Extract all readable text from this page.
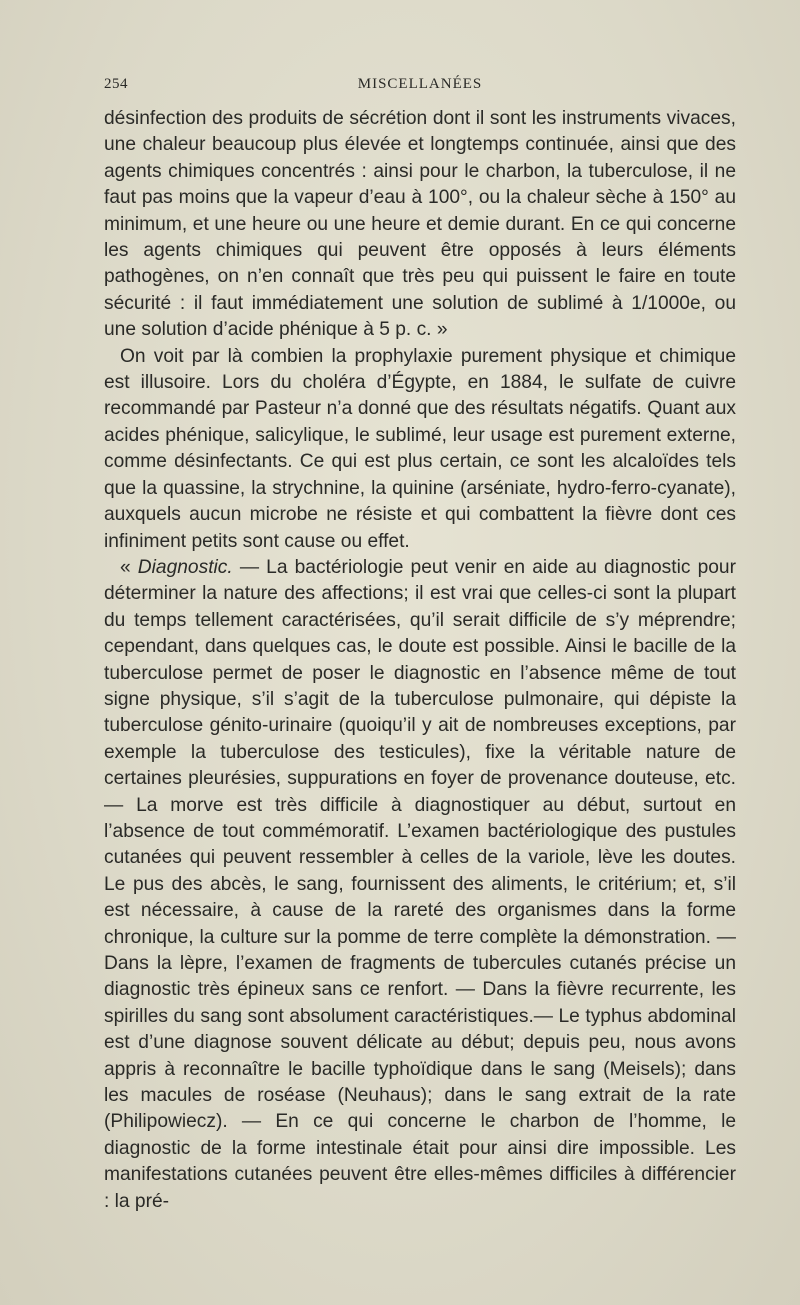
254	MISCELLANÉES

désinfection des produits de sécrétion dont il sont les instruments vivaces, une chaleur beaucoup plus élevée et longtemps continuée, ainsi que des agents chimiques concentrés : ainsi pour le charbon, la tuberculose, il ne faut pas moins que la vapeur d’eau à 100°, ou la chaleur sèche à 150° au minimum, et une heure ou une heure et demie durant. En ce qui concerne les agents chimiques qui peuvent être opposés à leurs éléments pathogènes, on n’en connaît que très peu qui puissent le faire en toute sécurité : il faut immédiatement une solution de sublimé à 1/1000e, ou une solution d’acide phénique à 5 p. c. »

On voit par là combien la prophylaxie purement physique et chimique est illusoire. Lors du choléra d’Égypte, en 1884, le sulfate de cuivre recommandé par Pasteur n’a donné que des résultats négatifs. Quant aux acides phénique, salicylique, le sublimé, leur usage est purement externe, comme désinfectants. Ce qui est plus certain, ce sont les alcaloïdes tels que la quassine, la strychnine, la quinine (arséniate, hydro-ferro-cyanate), auxquels aucun microbe ne résiste et qui combattent la fièvre dont ces infiniment petits sont cause ou effet.

« Diagnostic. — La bactériologie peut venir en aide au diagnostic pour déterminer la nature des affections; il est vrai que celles-ci sont la plupart du temps tellement caractérisées, qu’il serait difficile de s’y méprendre; cependant, dans quelques cas, le doute est possible. Ainsi le bacille de la tuberculose permet de poser le diagnostic en l’absence même de tout signe physique, s’il s’agit de la tuberculose pulmonaire, qui dépiste la tuberculose génito-urinaire (quoiqu’il y ait de nombreuses exceptions, par exemple la tuberculose des testicules), fixe la véritable nature de certaines pleurésies, suppurations en foyer de provenance douteuse, etc. — La morve est très difficile à diagnostiquer au début, surtout en l’absence de tout commémoratif. L’examen bactériologique des pustules cutanées qui peuvent ressembler à celles de la variole, lève les doutes. Le pus des abcès, le sang, fournissent des aliments, le critérium; et, s’il est nécessaire, à cause de la rareté des organismes dans la forme chronique, la culture sur la pomme de terre complète la démonstration. — Dans la lèpre, l’examen de fragments de tubercules cutanés précise un diagnostic très épineux sans ce renfort. — Dans la fièvre recurrente, les spirilles du sang sont absolument caractéristiques.— Le typhus abdominal est d’une diagnose souvent délicate au début; depuis peu, nous avons appris à reconnaître le bacille typhoïdique dans le sang (Meisels); dans les macules de roséase (Neuhaus); dans le sang extrait de la rate (Philipowiecz). — En ce qui concerne le charbon de l’homme, le diagnostic de la forme intestinale était pour ainsi dire impossible. Les manifestations cutanées peuvent être elles-mêmes difficiles à différencier : la pré-
